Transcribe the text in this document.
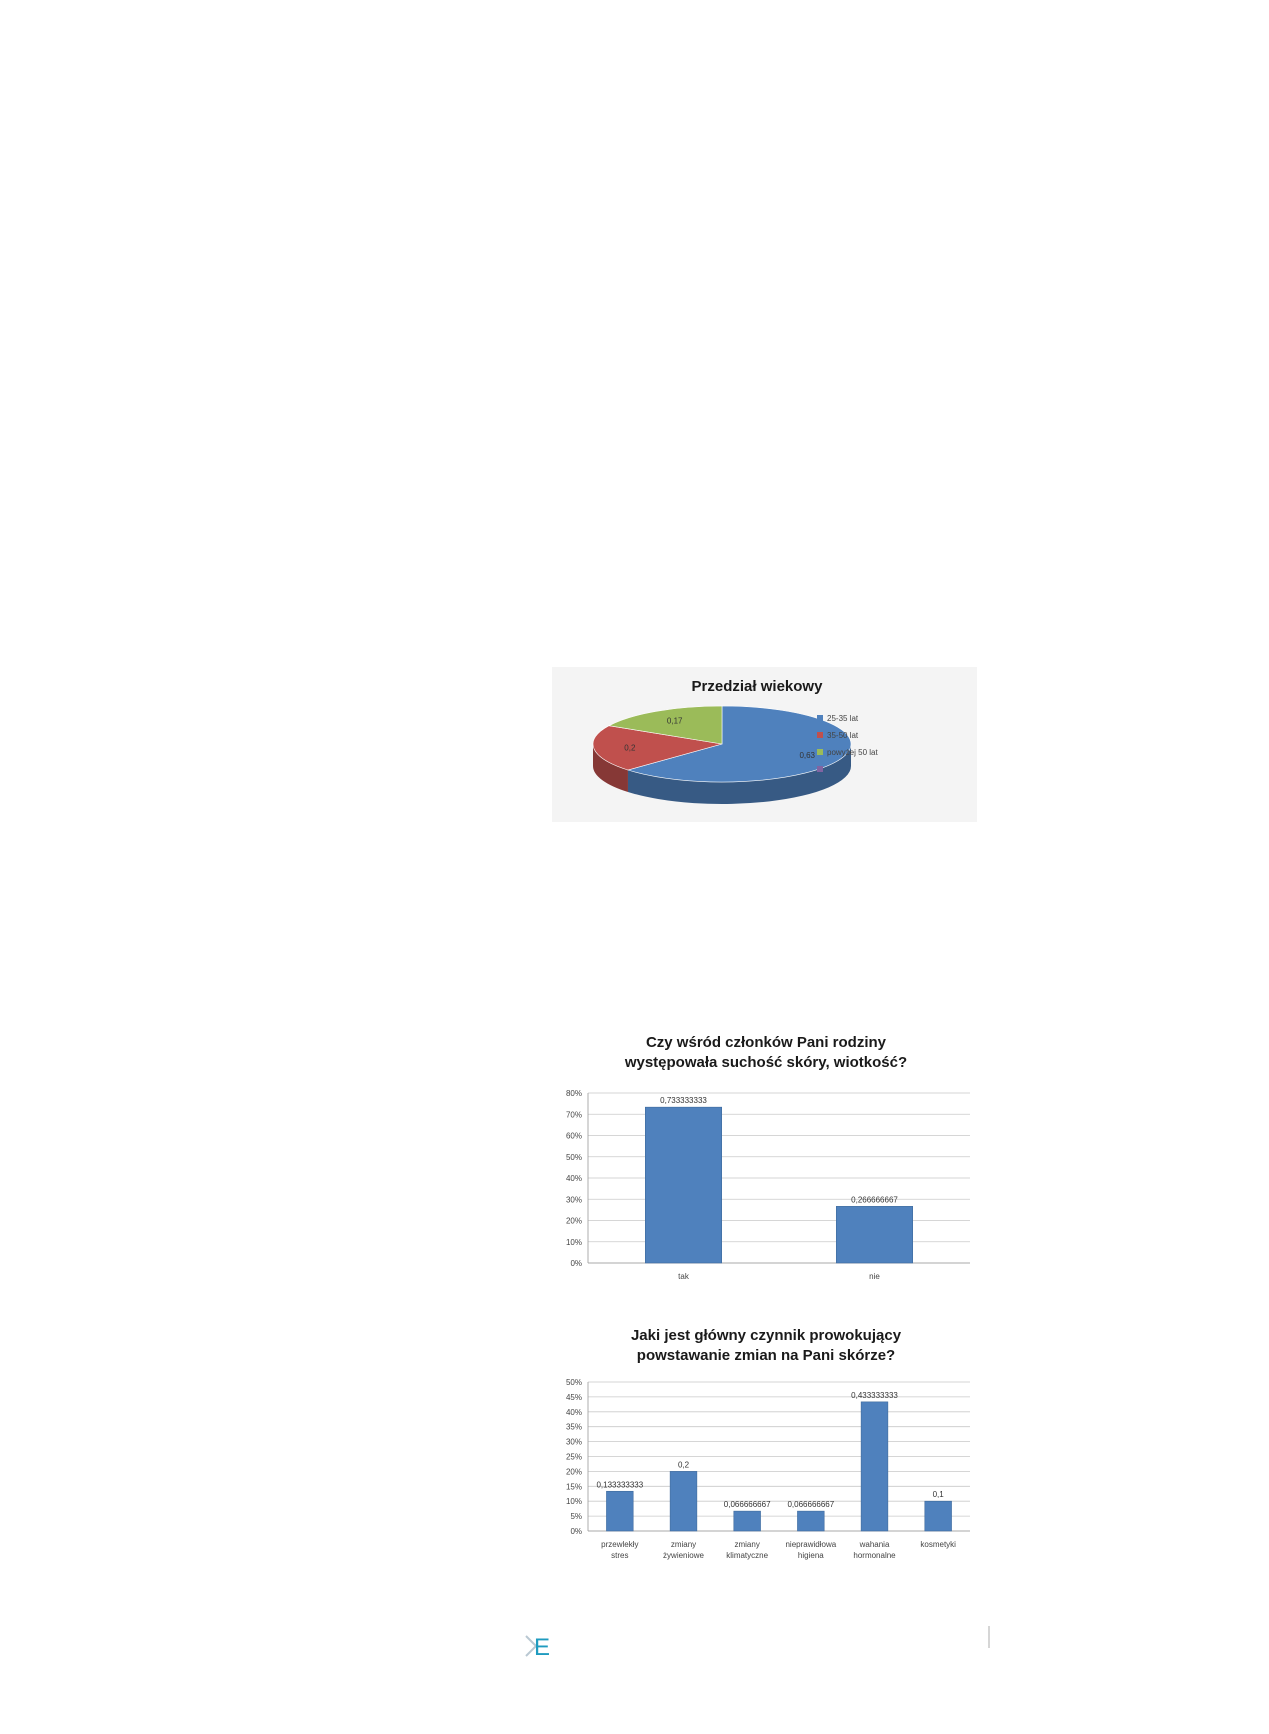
Przedział wiekowy
0,63
0,2
0,17	25-35 lat
35-50 lat
powyżej 50 lat
Czy wśród członków Pani rodziny
występowała suchość skóry, wiotkość?
0%
10%
20%
30%
40%
50%
60%
70%
80%
0,733333333
tak
0,266666667
nie
Jaki jest główny czynnik prowokujący
powstawanie zmian na Pani skórze?
0%
5%
10%
15%
20%
25%
30%
35%
40%
45%
50%
0,133333333
przewlekły
stres
0,2
zmiany
żywieniowe
0,066666667
zmiany
klimatyczne
0,066666667
nieprawidłowa
higiena
0,433333333
wahania
hormonalne
0,1
kosmetyki
E
